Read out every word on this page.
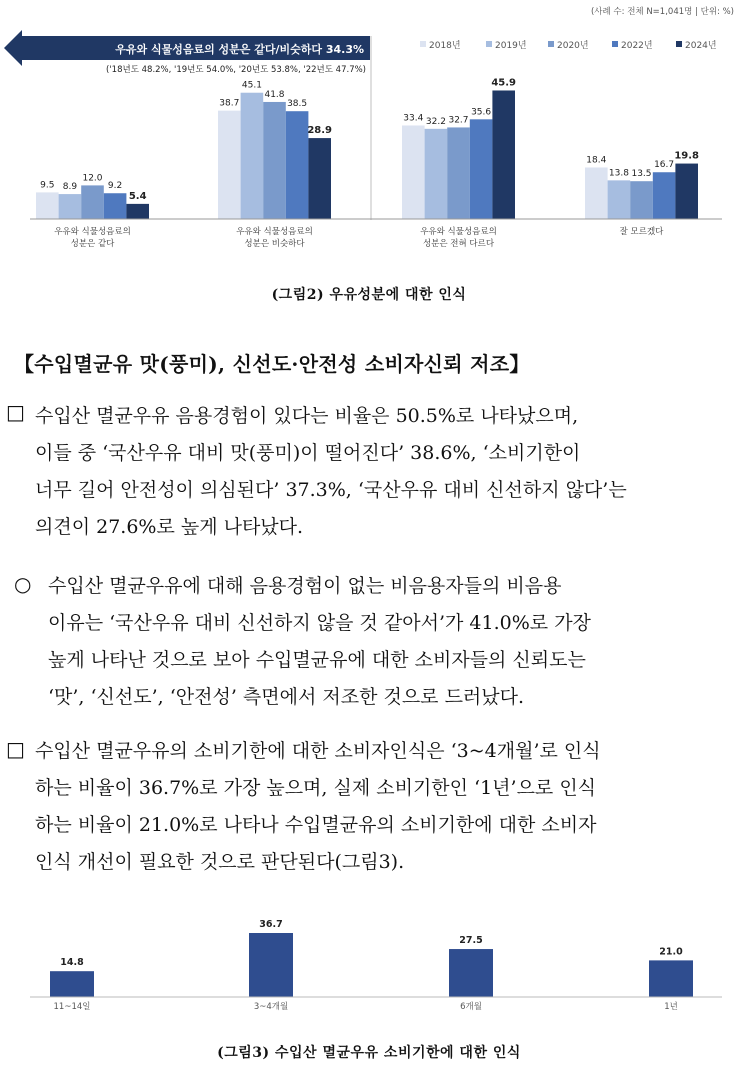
(사례 수: 전체 N=1,041명 | 단위: %)
우유와 식물성음료의 성분은 같다/비슷하다 34.3%
('18년도 48.2%, '19년도 54.0%, '20년도 53.8%, '22년도 47.7%)
2018년	2019년	2020년	2022년	2024년
9.5
38.7
33.4
18.4
8.9
45.1
32.2
13.8
12.0
41.8
32.7
13.5
9.2
38.5
35.6
16.7
5.4
28.9
45.9
19.8
우유와 식물성음료의
성분은 같다
우유와 식물성음료의
성분은 비슷하다
우유와 식물성음료의
성분은 전혀 다르다
잘 모르겠다
(그림2) 우유성분에 대한 인식
【수입멸균유 맛(풍미), 신선도·안전성 소비자신뢰 저조】
□ 수입산 멸균우유 음용경험이 있다는 비율은 50.5%로 나타났으며,
이들 중 ‘국산우유 대비 맛(풍미)이 떨어진다’ 38.6%, ‘소비기한이
너무 길어 안전성이 의심된다’ 37.3%, ‘국산우유 대비 신선하지 않다’는
의견이 27.6%로 높게 나타났다.
○ 수입산 멸균우유에 대해 음용경험이 없는 비음용자들의 비음용
이유는 ‘국산우유 대비 신선하지 않을 것 같아서’가 41.0%로 가장
높게 나타난 것으로 보아 수입멸균유에 대한 소비자들의 신뢰도는
‘맛’, ‘신선도’, ‘안전성’ 측면에서 저조한 것으로 드러났다.
□ 수입산 멸균우유의 소비기한에 대한 소비자인식은 ‘3~4개월’로 인식
하는 비율이 36.7%로 가장 높으며, 실제 소비기한인 ‘1년’으로 인식
하는 비율이 21.0%로 나타나 수입멸균유의 소비기한에 대한 소비자
인식 개선이 필요한 것으로 판단된다(그림3).
14.8
36.7
27.5
21.0
11~14일	3~4개월	6개월	1년
(그림3) 수입산 멸균우유 소비기한에 대한 인식
